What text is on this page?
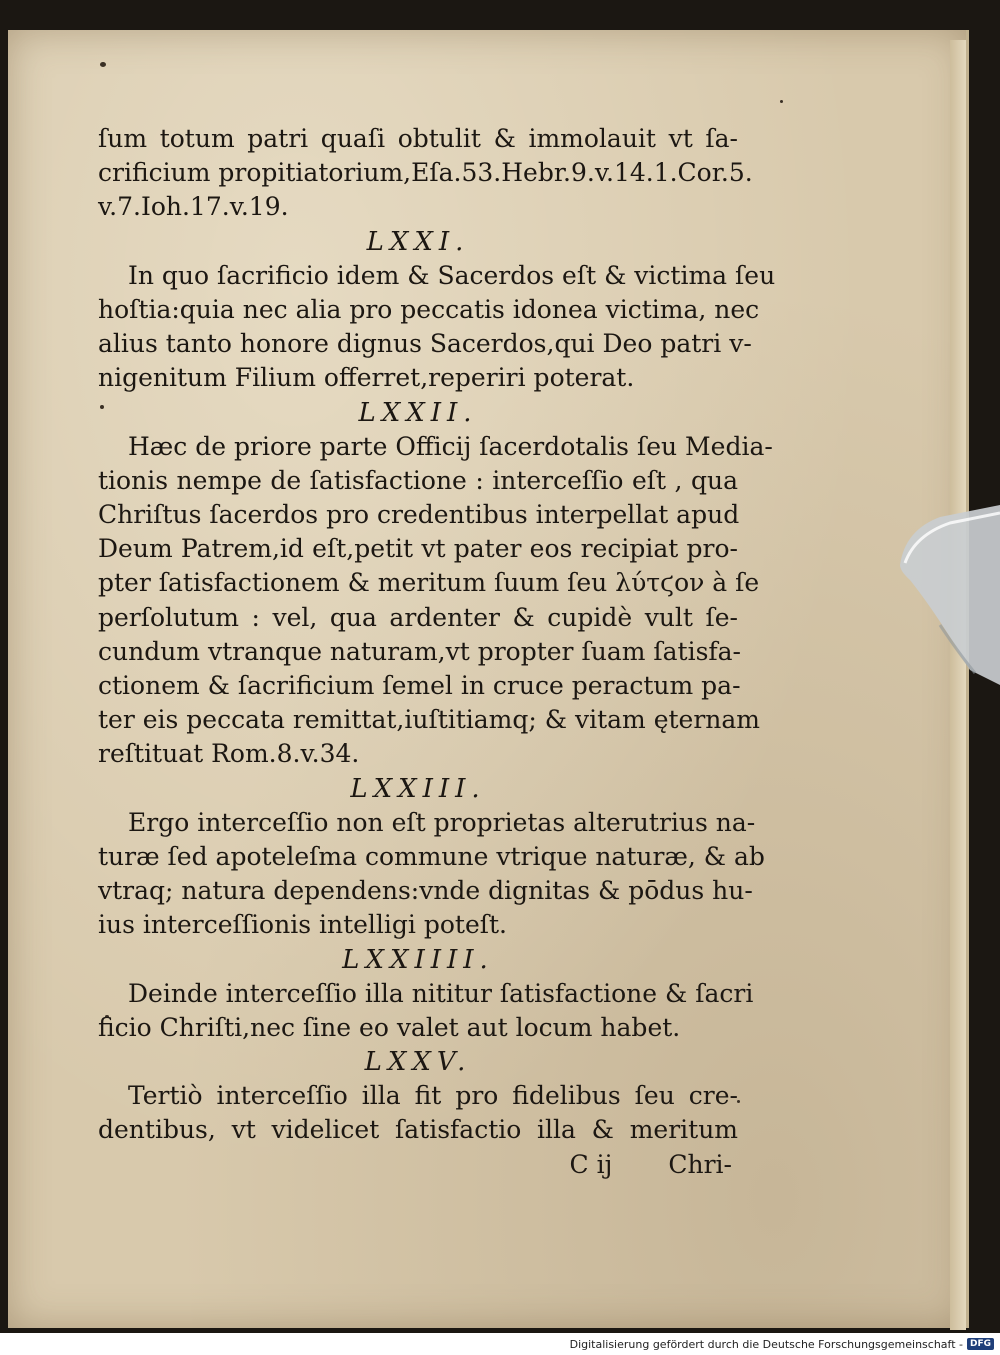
ſum totum patri quaſi obtulit & immolauit vt ſa-
crificium propitiatorium,Eſa.53.Hebr.9.v.14.1.Cor.5.
v.7.Ioh.17.v.19.
LXXI.
In quo ſacrificio idem & Sacerdos eſt & victima ſeu
hoſtia:quia nec alia pro peccatis idonea victima, nec
alius tanto honore dignus Sacerdos,qui Deo patri v-
nigenitum Filium offerret,reperiri poterat.
LXXII.
Hæc de priore parte Officij ſacerdotalis ſeu Media-
tionis nempe de ſatisfactione : interceſſio eſt , qua
Chriſtus ſacerdos pro credentibus interpellat apud
Deum Patrem,id eſt,petit vt pater eos recipiat pro-
pter ſatisfactionem & meritum ſuum ſeu λύτϛον à ſe
perſolutum : vel, qua ardenter & cupidè vult ſe-
cundum vtranque naturam,vt propter ſuam ſatisfa-
ctionem & ſacrificium ſemel in cruce peractum pa-
ter eis peccata remittat,iuſtitiamq; & vitam ęternam
reſtituat Rom.8.v.34.
LXXIII.
Ergo interceſſio non eſt proprietas alterutrius na-
turæ ſed apoteleſma commune vtrique naturæ, & ab
vtraq; natura dependens:vnde dignitas & pōdus hu-
ius interceſſionis intelligi poteſt.
LXXIIII.
Deinde interceſſio illa nititur ſatisfactione & ſacri
ficio Chriſti,nec ſine eo valet aut locum habet.
LXXV.
Tertiò interceſſio illa fit pro fidelibus ſeu cre-
dentibus, vt videlicet ſatisfactio illa & meritum
C ij Chri-
Digitalisierung gefördert durch die Deutsche Forschungsgemeinschaft - DFG
